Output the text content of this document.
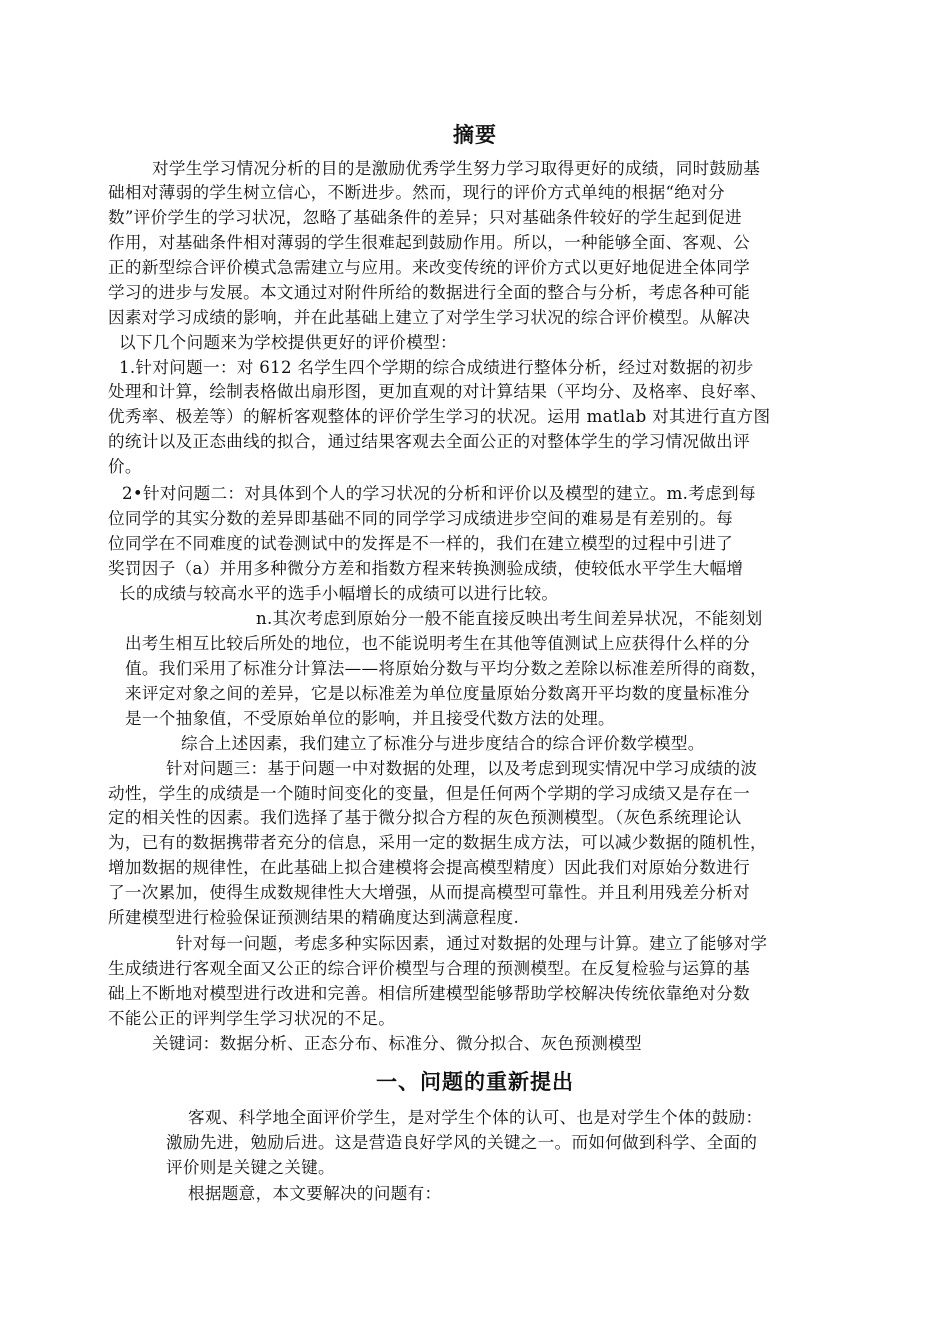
摘要
对学生学习情况分析的目的是激励优秀学生努力学习取得更好的成绩，同时鼓励基
础相对薄弱的学生树立信心，不断进步。然而，现行的评价方式单纯的根据“绝对分
数”评价学生的学习状况，忽略了基础条件的差异；只对基础条件较好的学生起到促进
作用，对基础条件相对薄弱的学生很难起到鼓励作用。所以，一种能够全面、客观、公
正的新型综合评价模式急需建立与应用。来改变传统的评价方式以更好地促进全体同学
学习的进步与发展。本文通过对附件所给的数据进行全面的整合与分析，考虑各种可能
因素对学习成绩的影响，并在此基础上建立了对学生学习状况的综合评价模型。从解决
以下几个问题来为学校提供更好的评价模型：
1.针对问题一：对 612 名学生四个学期的综合成绩进行整体分析，经过对数据的初步
处理和计算，绘制表格做出扇形图，更加直观的对计算结果（平均分、及格率、良好率、
优秀率、极差等）的解析客观整体的评价学生学习的状况。运用 matlab 对其进行直方图
的统计以及正态曲线的拟合，通过结果客观去全面公正的对整体学生的学习情况做出评
价。
2•针对问题二：对具体到个人的学习状况的分析和评价以及模型的建立。m.考虑到每
位同学的其实分数的差异即基础不同的同学学习成绩进步空间的难易是有差别的。每
位同学在不同难度的试卷测试中的发挥是不一样的，我们在建立模型的过程中引进了
奖罚因子（a）并用多种微分方差和指数方程来转换测验成绩，使较低水平学生大幅增
长的成绩与较高水平的选手小幅增长的成绩可以进行比较。
n.其次考虑到原始分一般不能直接反映出考生间差异状况，不能刻划
出考生相互比较后所处的地位，也不能说明考生在其他等值测试上应获得什么样的分
值。我们采用了标准分计算法——将原始分数与平均分数之差除以标准差所得的商数，
来评定对象之间的差异，它是以标准差为单位度量原始分数离开平均数的度量标准分
是一个抽象值，不受原始单位的影响，并且接受代数方法的处理。
综合上述因素，我们建立了标准分与进步度结合的综合评价数学模型。
针对问题三：基于问题一中对数据的处理，以及考虑到现实情况中学习成绩的波
动性，学生的成绩是一个随时间变化的变量，但是任何两个学期的学习成绩又是存在一
定的相关性的因素。我们选择了基于微分拟合方程的灰色预测模型。（灰色系统理论认
为，已有的数据携带者充分的信息，采用一定的数据生成方法，可以减少数据的随机性，
增加数据的规律性，在此基础上拟合建模将会提高模型精度）因此我们对原始分数进行
了一次累加，使得生成数规律性大大增强，从而提高模型可靠性。并且利用残差分析对
所建模型进行检验保证预测结果的精确度达到满意程度.
针对每一问题，考虑多种实际因素，通过对数据的处理与计算。建立了能够对学
生成绩进行客观全面又公正的综合评价模型与合理的预测模型。在反复检验与运算的基
础上不断地对模型进行改进和完善。相信所建模型能够帮助学校解决传统依靠绝对分数
不能公正的评判学生学习状况的不足。
关键词：数据分析、正态分布、标准分、微分拟合、灰色预测模型
一、问题的重新提出
客观、科学地全面评价学生，是对学生个体的认可、也是对学生个体的鼓励：
激励先进，勉励后进。这是营造良好学风的关键之一。而如何做到科学、全面的
评价则是关键之关键。
根据题意，本文要解决的问题有：
